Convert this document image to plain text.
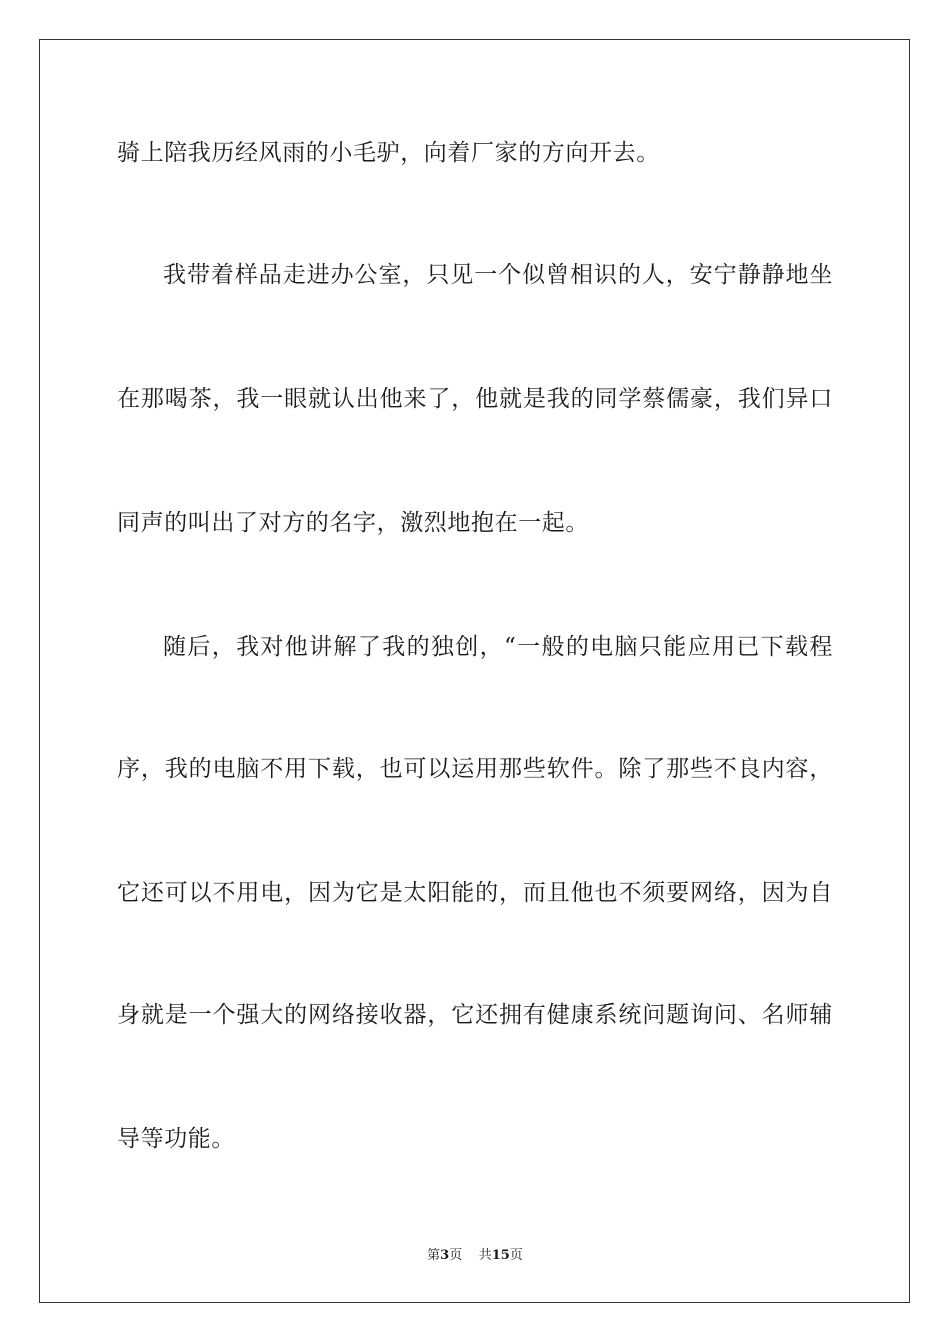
骑上陪我历经风雨的小毛驴，向着厂家的方向开去。
我带着样品走进办公室，只见一个似曾相识的人，安宁静静地坐
在那喝茶，我一眼就认出他来了，他就是我的同学蔡儒豪，我们异口
同声的叫出了对方的名字，激烈地抱在一起。
随后，我对他讲解了我的独创，“一般的电脑只能应用已下载程
序，我的电脑不用下载，也可以运用那些软件。除了那些不良内容，
它还可以不用电，因为它是太阳能的，而且他也不须要网络，因为自
身就是一个强大的网络接收器，它还拥有健康系统问题询问、名师辅
导等功能。
第3页 共15页
